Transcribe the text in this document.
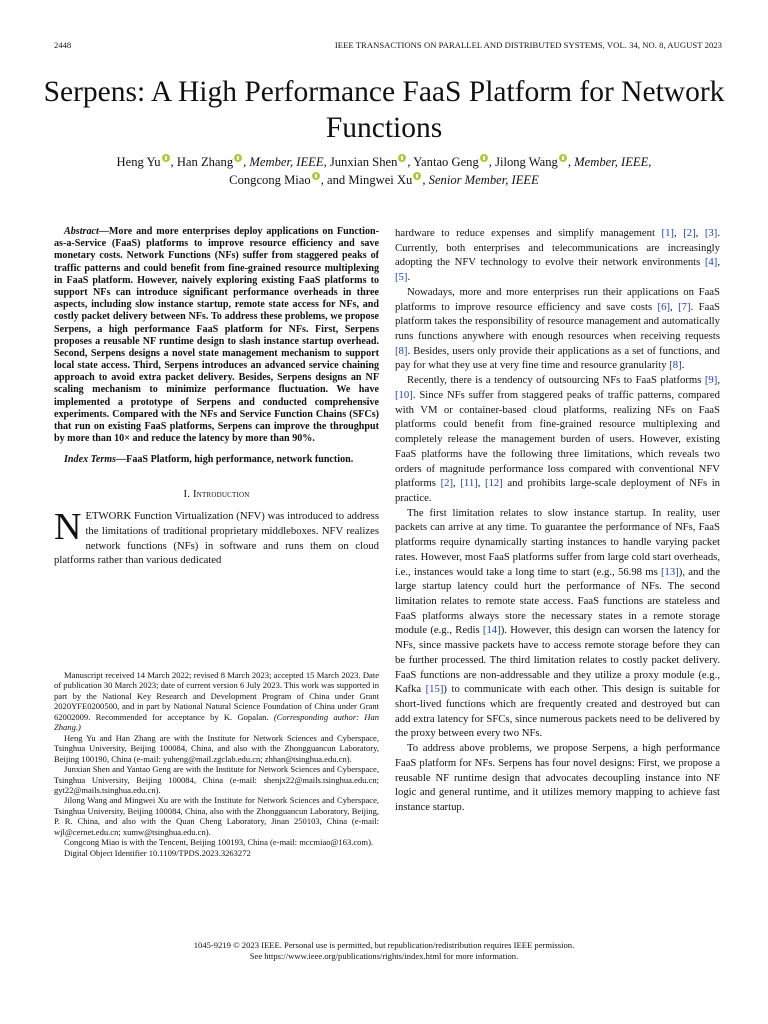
2448	IEEE TRANSACTIONS ON PARALLEL AND DISTRIBUTED SYSTEMS, VOL. 34, NO. 8, AUGUST 2023
Serpens: A High Performance FaaS Platform for Network Functions
Heng Yu , Han Zhang , Member, IEEE, Junxian Shen , Yantao Geng , Jilong Wang , Member, IEEE,
Congcong Miao , and Mingwei Xu , Senior Member, IEEE

Abstract—More and more enterprises deploy applications on Function-as-a-Service (FaaS) platforms to improve resource efficiency and save monetary costs. Network Functions (NFs) suffer from staggered peaks of traffic patterns and could benefit from fine-grained resource multiplexing in FaaS platform. However, naively exploring existing FaaS platforms to support NFs can introduce significant performance overheads in three aspects, including slow instance startup, remote state access for NFs, and costly packet delivery between NFs. To address these problems, we propose Serpens, a high performance FaaS platform for NFs. First, Serpens proposes a reusable NF runtime design to slash instance startup overhead. Second, Serpens designs a novel state management mechanism to support local state access. Third, Serpens introduces an advanced service chaining approach to avoid extra packet delivery. Besides, Serpens designs an NF scaling mechanism to minimize performance fluctuation. We have implemented a prototype of Serpens and conducted comprehensive experiments. Compared with the NFs and Service Function Chains (SFCs) that run on existing FaaS platforms, Serpens can improve the throughput by more than 10× and reduce the latency by more than 90%.

Index Terms—FaaS Platform, high performance, network function.

I. Introduction

NETWORK Function Virtualization (NFV) was introduced to address the limitations of traditional proprietary middleboxes. NFV realizes network functions (NFs) in software and runs them on cloud platforms rather than various dedicated

hardware to reduce expenses and simplify management [1], [2], [3]. Currently, both enterprises and telecommunications are increasingly adopting the NFV technology to evolve their network environments [4], [5].

Nowadays, more and more enterprises run their applications on FaaS platforms to improve resource efficiency and save costs [6], [7]. FaaS platform takes the responsibility of resource management and automatically runs functions anywhere with enough resources when receiving requests [8]. Besides, users only provide their applications as a set of functions, and pay for what they use at very fine time and resource granularity [8].

Recently, there is a tendency of outsourcing NFs to FaaS platforms [9], [10]. Since NFs suffer from staggered peaks of traffic patterns, compared with VM or container-based cloud platforms, realizing NFs on FaaS platforms could benefit from fine-grained resource multiplexing and completely release the management burden of users. However, existing FaaS platforms have the following three limitations, which reveals two orders of magnitude performance loss compared with conventional NFV platforms [2], [11], [12] and prohibits large-scale deployment of NFs in practice.

The first limitation relates to slow instance startup. In reality, user packets can arrive at any time. To guarantee the performance of NFs, FaaS platforms require dynamically starting instances to handle varying packet rates. However, most FaaS platforms suffer from large cold start overheads, i.e., instances would take a long time to start (e.g., 56.98 ms [13]), and the large startup latency could hurt the performance of NFs. The second limitation relates to remote state access. FaaS functions are stateless and FaaS platforms always store the necessary states in a remote storage module (e.g., Redis [14]). However, this design can worsen the latency for NFs, since massive packets have to access remote storage before they can be further processed. The third limitation relates to costly packet delivery. FaaS functions are non-addressable and they utilize a proxy module (e.g., Kafka [15]) to communicate with each other. This design is suitable for short-lived functions which are frequently created and destroyed but can add extra latency for SFCs, since numerous packets need to be delivered by the proxy between every two NFs.

To address above problems, we propose Serpens, a high performance FaaS platform for NFs. Serpens has four novel designs: First, we propose a reusable NF runtime design that advocates decoupling instance into NF logic and general runtime, and it utilizes memory mapping to achieve fast instance startup.

Manuscript received 14 March 2022; revised 8 March 2023; accepted 15 March 2023. Date of publication 30 March 2023; date of current version 6 July 2023. This work was supported in part by the National Key Research and Development Program of China under Grant 2020YFE0200500, and in part by National Natural Science Foundation of China under Grant 62002009. Recommended for acceptance by K. Gopalan. (Corresponding author: Han Zhang.)

Heng Yu and Han Zhang are with the Institute for Network Sciences and Cyberspace, Tsinghua University, Beijing 100084, China, and also with the Zhongguancun Laboratory, Beijing 100190, China (e-mail: yuheng@mail.zgclab.edu.cn; zhhan@tsinghua.edu.cn).

Junxian Shen and Yantao Geng are with the Institute for Network Sciences and Cyberspace, Tsinghua University, Beijing 100084, China (e-mail: shenjx22@mails.tsinghua.edu.cn; gyt22@mails.tsinghua.edu.cn).

Jilong Wang and Mingwei Xu are with the Institute for Network Sciences and Cyberspace, Tsinghua University, Beijing 100084, China, also with the Zhongguancun Laboratory, Beijing, P. R. China, and also with the Quan Cheng Laboratory, Jinan 250103, China (e-mail: wjl@cernet.edu.cn; xumw@tsinghua.edu.cn).

Congcong Miao is with the Tencent, Beijing 100193, China (e-mail: mccmiao@163.com).

Digital Object Identifier 10.1109/TPDS.2023.3263272

1045-9219 © 2023 IEEE. Personal use is permitted, but republication/redistribution requires IEEE permission.
See https://www.ieee.org/publications/rights/index.html for more information.
